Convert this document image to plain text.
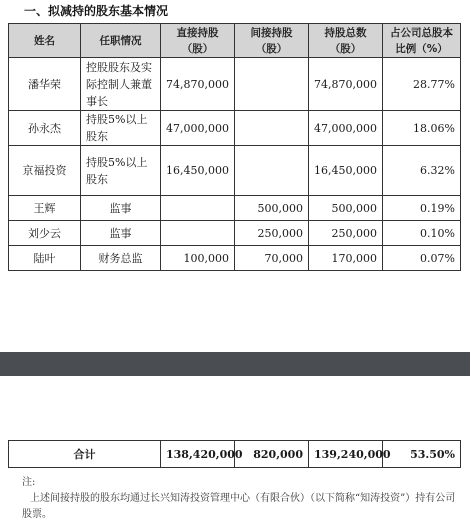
一、拟减持的股东基本情况
姓名	任职情况	直接持股（股）	间接持股（股）	持股总数（股）	占公司总股本比例（%）
潘华荣	控股股东及实际控制人兼董事长	74,870,000		74,870,000	28.77%
孙永杰	持股5%以上股东	47,000,000		47,000,000	18.06%
京福投资	持股5%以上股东	16,450,000		16,450,000	6.32%
王辉	监事		500,000	500,000	0.19%
刘少云	监事		250,000	250,000	0.10%
陆叶	财务总监	100,000	70,000	170,000	0.07%
合计	138,420,000	820,000	139,240,000	53.50%
注:

上述间接持股的股东均通过长兴知涛投资管理中心（有限合伙）（以下简称“知涛投资”）持有公司股票。
